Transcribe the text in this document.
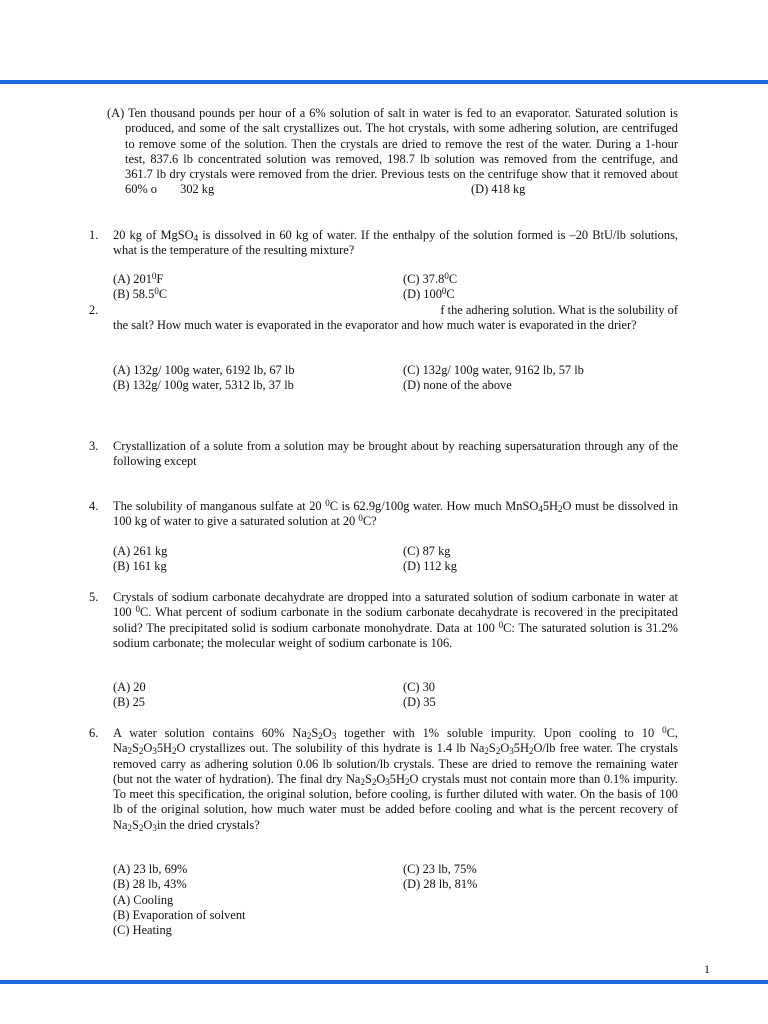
(A) Ten thousand pounds per hour of a 6% solution of salt in water is fed to an evaporator. Saturated solution is produced, and some of the salt crystallizes out. The hot crystals, with some adhering solution, are centrifuged to remove some of the solution. Then the crystals are dried to remove the rest of the water. During a 1-hour test, 837.6 lb concentrated solution was removed, 198.7 lb solution was removed from the centrifuge, and 361.7 lb dry crystals were removed from the drier. Previous tests on the centrifuge show that it removed about 60% o 302 kg	(D) 418 kg
1. 20 kg of MgSO$_4$ is dissolved in 60 kg of water. If the enthalpy of the solution formed is –20 BtU/lb solutions, what is the temperature of the resulting mixture?
(A) $201^0F$	(C) 37.8$^0$C
(B) 58.5$^0$C	(D) $100^0C$
2.	f the adhering solution. What is the solubility of
the salt? How much water is evaporated in the evaporator and how much water is evaporated in the drier?
(A) 132g/ 100g water, 6192 lb, 67 lb	(C) 132g/ 100g water, 9162 lb, 57 lb
(B) 132g/ 100g water, 5312 lb, 37 lb	(D) none of the above
3. Crystallization of a solute from a solution may be brought about by reaching supersaturation through any of the following except
4. The solubility of manganous sulfate at 20 $^0$C is 62.9g/100g water. How much $MnSO_45H_2O$ must be dissolved in 100 kg of water to give a saturated solution at 20 $^0$C?
(A) 261 kg	(C) 87 kg
(B) 161 kg	(D) 112 kg
5. Crystals of sodium carbonate decahydrate are dropped into a saturated solution of sodium carbonate in water at 100 $^0$C. What percent of sodium carbonate in the sodium carbonate decahydrate is recovered in the precipitated solid? The precipitated solid is sodium carbonate monohydrate. Data at 100 $^0$C: The saturated solution is 31.2% sodium carbonate; the molecular weight of sodium carbonate is 106.
(A) 20	(C) 30
(B) 25	(D) 35
6. A water solution contains 60% $Na_2S_2O_3$ together with 1% soluble impurity. Upon cooling to 10 $^0$C, $Na_2S_2O_35H_2O$ crystallizes out. The solubility of this hydrate is 1.4 lb $Na_2S_2O_35H_2O/lb$ free water. The crystals removed carry as adhering solution 0.06 lb solution/lb crystals. These are dried to remove the remaining water (but not the water of hydration). The final dry $Na_2S_2O_35H_2O$ crystals must not contain more than 0.1% impurity. To meet this specification, the original solution, before cooling, is further diluted with water. On the basis of 100 lb of the original solution, how much water must be added before cooling and what is the percent recovery of $Na_2S_2O_3in$ the dried crystals?
(A) 23 lb, 69%	(C) 23 lb, 75%
(B) 28 lb, 43%	(D) 28 lb, 81%
(A) Cooling
(B) Evaporation of solvent
(C) Heating
1
